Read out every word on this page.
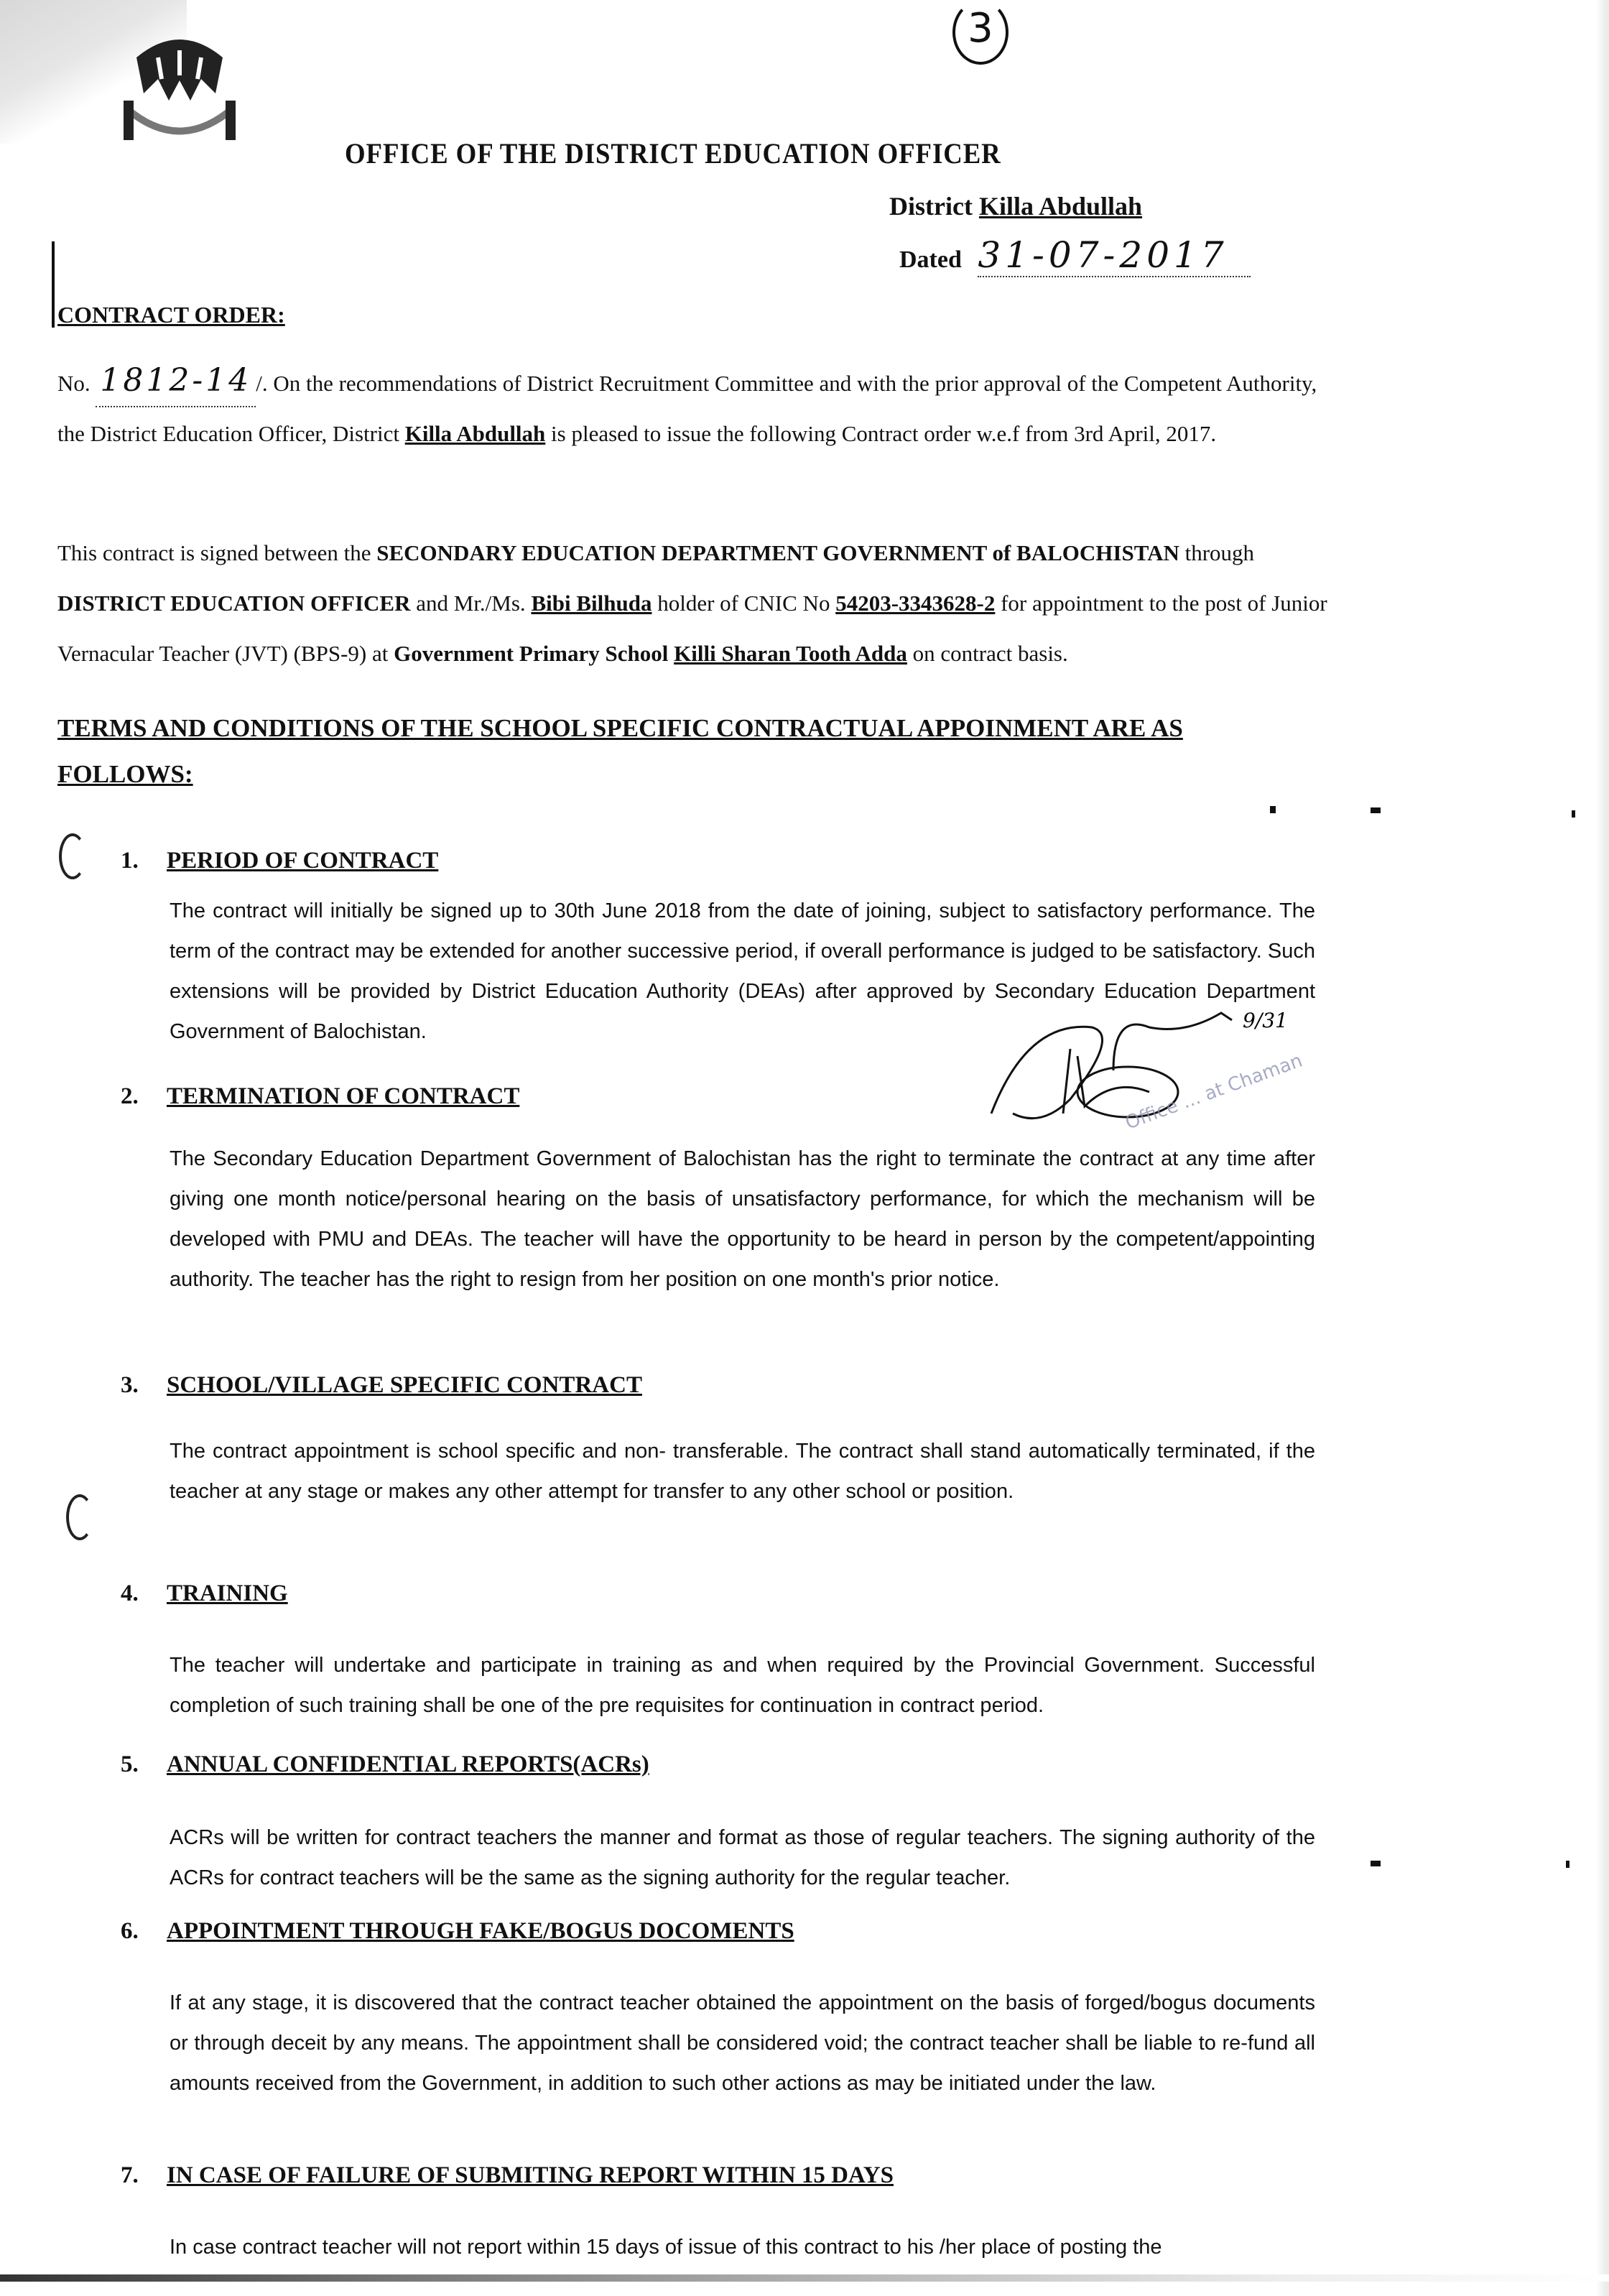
3
OFFICE OF THE DISTRICT EDUCATION OFFICER
District Killa Abdullah
Dated 31-07-2017
CONTRACT ORDER:
No. 1812-14 /. On the recommendations of District Recruitment Committee and with the prior approval of the Competent Authority, the District Education Officer, District Killa Abdullah is pleased to issue the following Contract order w.e.f from 3rd April, 2017.
This contract is signed between the SECONDARY EDUCATION DEPARTMENT GOVERNMENT of BALOCHISTAN through DISTRICT EDUCATION OFFICER and Mr./Ms. Bibi Bilhuda holder of CNIC No 54203-3343628-2 for appointment to the post of Junior Vernacular Teacher (JVT) (BPS-9) at Government Primary School Killi Sharan Tooth Adda on contract basis.
TERMS AND CONDITIONS OF THE SCHOOL SPECIFIC CONTRACTUAL APPOINMENT ARE AS FOLLOWS:
1. PERIOD OF CONTRACT
The contract will initially be signed up to 30th June 2018 from the date of joining, subject to satisfactory performance. The term of the contract may be extended for another successive period, if overall performance is judged to be satisfactory. Such extensions will be provided by District Education Authority (DEAs) after approved by Secondary Education Department Government of Balochistan.	9/31
Office ... at Chaman
2. TERMINATION OF CONTRACT
The Secondary Education Department Government of Balochistan has the right to terminate the contract at any time after giving one month notice/personal hearing on the basis of unsatisfactory performance, for which the mechanism will be developed with PMU and DEAs. The teacher will have the opportunity to be heard in person by the competent/appointing authority. The teacher has the right to resign from her position on one month's prior notice.
3. SCHOOL/VILLAGE SPECIFIC CONTRACT
The contract appointment is school specific and non- transferable. The contract shall stand automatically terminated, if the teacher at any stage or makes any other attempt for transfer to any other school or position.
4. TRAINING
The teacher will undertake and participate in training as and when required by the Provincial Government. Successful completion of such training shall be one of the pre requisites for continuation in contract period.
5. ANNUAL CONFIDENTIAL REPORTS(ACRs)
ACRs will be written for contract teachers the manner and format as those of regular teachers. The signing authority of the ACRs for contract teachers will be the same as the signing authority for the regular teacher.
6. APPOINTMENT THROUGH FAKE/BOGUS DOCOMENTS
If at any stage, it is discovered that the contract teacher obtained the appointment on the basis of forged/bogus documents or through deceit by any means. The appointment shall be considered void; the contract teacher shall be liable to re-fund all amounts received from the Government, in addition to such other actions as may be initiated under the law.
7. IN CASE OF FAILURE OF SUBMITING REPORT WITHIN 15 DAYS
In case contract teacher will not report within 15 days of issue of this contract to his /her place of posting the
